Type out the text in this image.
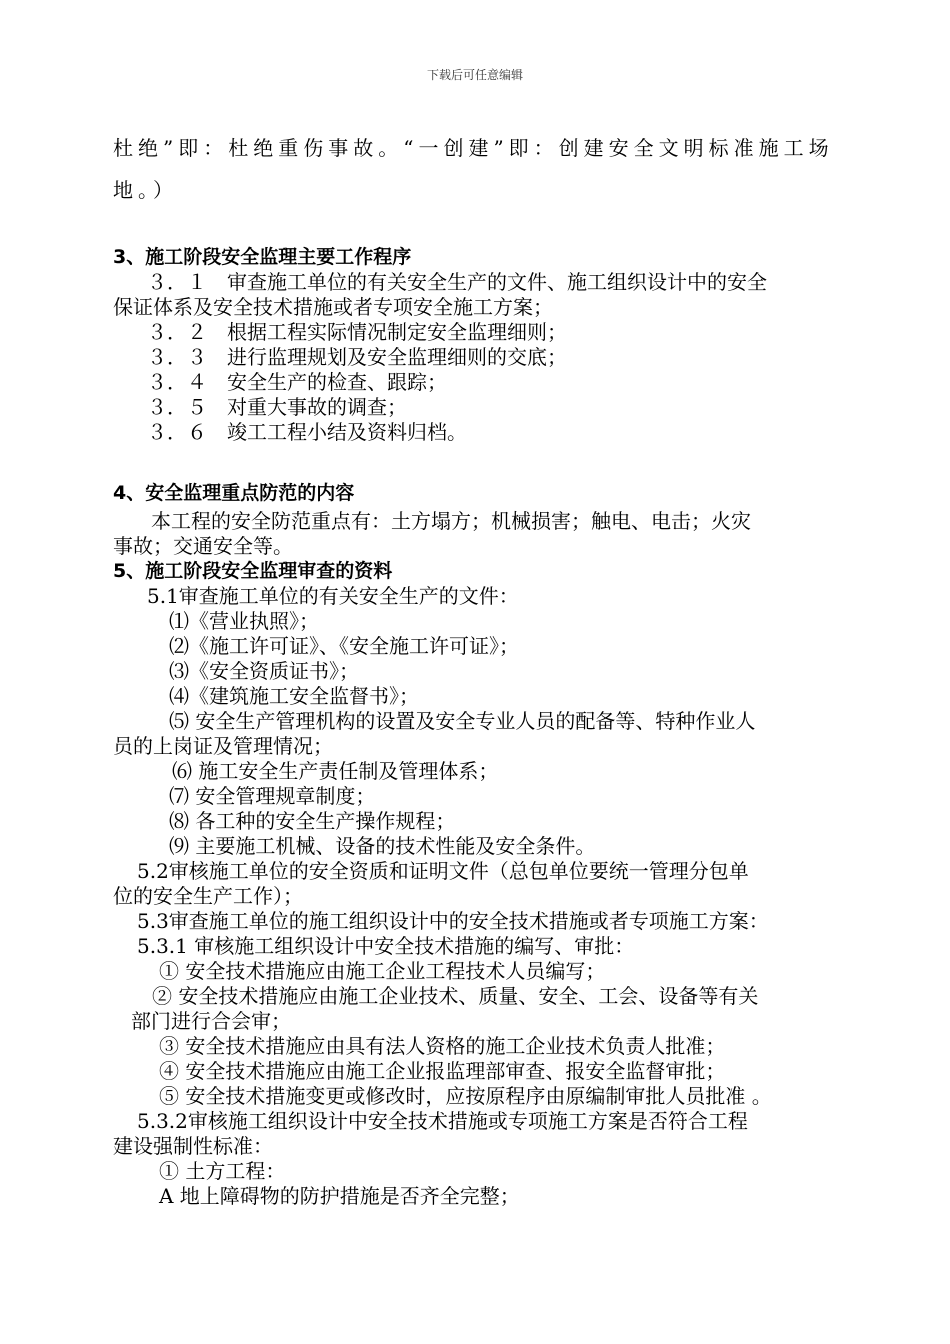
下载后可任意编辑
杜绝”即：杜绝重伤事故。“一创建”即：创建安全文明标准施工场
地。）
3、施工阶段安全监理主要工作程序
３．１　审查施工单位的有关安全生产的文件、施工组织设计中的安全
保证体系及安全技术措施或者专项安全施工方案；
３．２　根据工程实际情况制定安全监理细则；
３．３　进行监理规划及安全监理细则的交底；
３．４　安全生产的检查、跟踪；
３．５　对重大事故的调查；
３．６　竣工工程小结及资料归档。
4、安全监理重点防范的内容
本工程的安全防范重点有：土方塌方；机械损害；触电、电击；火灾
事故；交通安全等。
5、施工阶段安全监理审查的资料
5.1审查施工单位的有关安全生产的文件：
⑴《营业执照》；
⑵《施工许可证》、《安全施工许可证》；
⑶《安全资质证书》；
⑷《建筑施工安全监督书》；
⑸ 安全生产管理机构的设置及安全专业人员的配备等、特种作业人
员的上岗证及管理情况；
⑹ 施工安全生产责任制及管理体系；
⑺ 安全管理规章制度；
⑻ 各工种的安全生产操作规程；
⑼ 主要施工机械、设备的技术性能及安全条件。
5.2审核施工单位的安全资质和证明文件（总包单位要统一管理分包单
位的安全生产工作）；
5.3审查施工单位的施工组织设计中的安全技术措施或者专项施工方案：
5.3.1 审核施工组织设计中安全技术措施的编写、审批：
① 安全技术措施应由施工企业工程技术人员编写；
② 安全技术措施应由施工企业技术、质量、安全、工会、设备等有关
部门进行合会审；
③ 安全技术措施应由具有法人资格的施工企业技术负责人批准；
④ 安全技术措施应由施工企业报监理部审查、报安全监督审批；
⑤ 安全技术措施变更或修改时，应按原程序由原编制审批人员批准 。
5.3.2审核施工组织设计中安全技术措施或专项施工方案是否符合工程
建设强制性标准：
① 土方工程：
A 地上障碍物的防护措施是否齐全完整；
